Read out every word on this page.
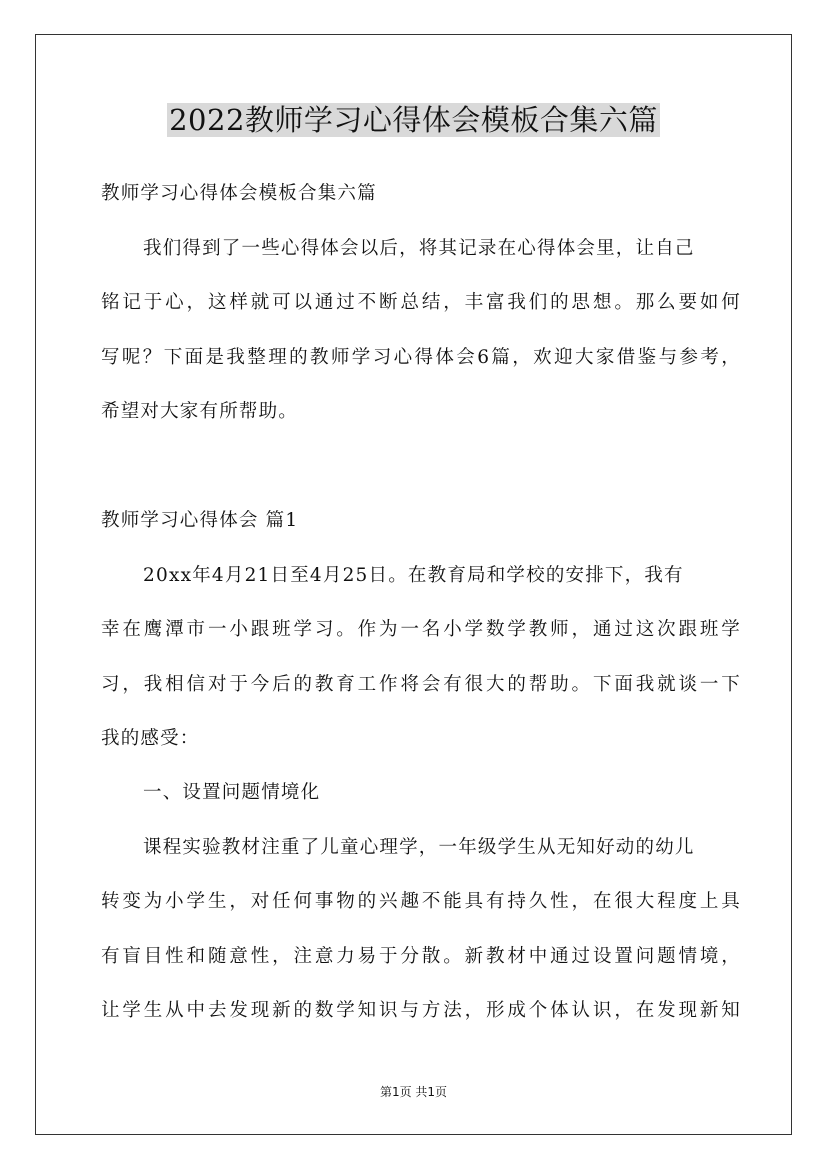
2022教师学习心得体会模板合集六篇
教师学习心得体会模板合集六篇
我们得到了一些心得体会以后，将其记录在心得体会里，让自己
铭记于心，这样就可以通过不断总结，丰富我们的思想。那么要如何
写呢？下面是我整理的教师学习心得体会6篇，欢迎大家借鉴与参考，
希望对大家有所帮助。
教师学习心得体会 篇1
20xx年4月21日至4月25日。在教育局和学校的安排下，我有
幸在鹰潭市一小跟班学习。作为一名小学数学教师，通过这次跟班学
习，我相信对于今后的教育工作将会有很大的帮助。下面我就谈一下
我的感受：
一、设置问题情境化
课程实验教材注重了儿童心理学，一年级学生从无知好动的幼儿
转变为小学生，对任何事物的兴趣不能具有持久性，在很大程度上具
有盲目性和随意性，注意力易于分散。新教材中通过设置问题情境，
让学生从中去发现新的数学知识与方法，形成个体认识，在发现新知
第1页 共1页
